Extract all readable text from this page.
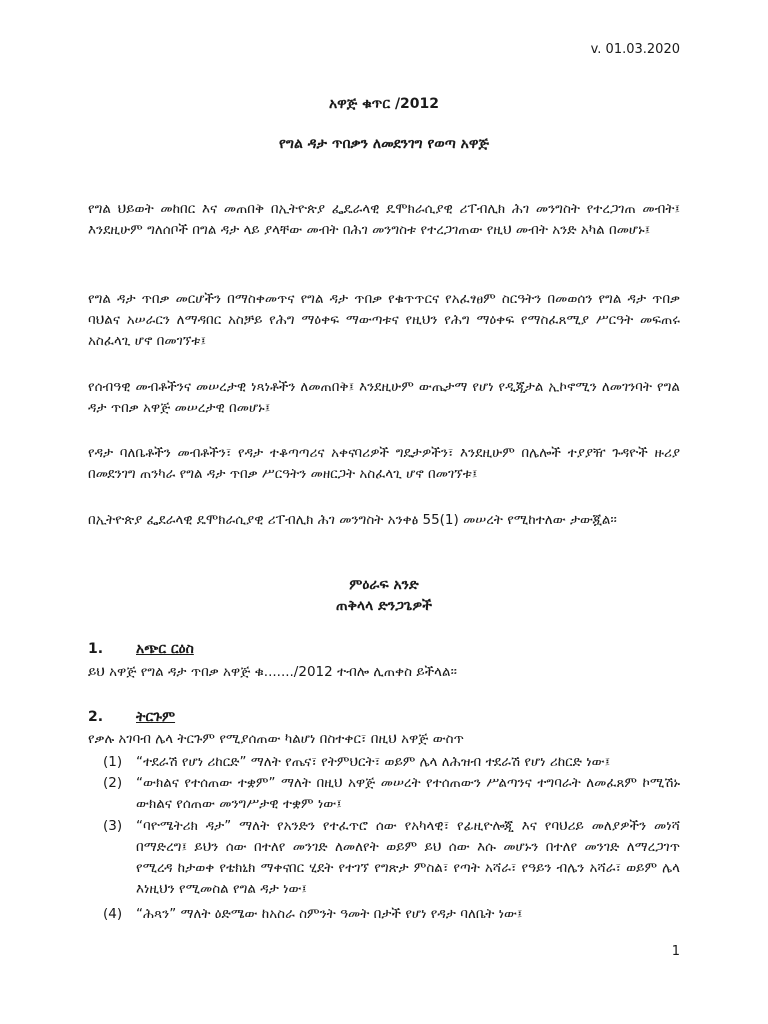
v. 01.03.2020
አዋጅ ቁጥር /2012
የግል ዳታ ጥበቃን ለመደንገግ የወጣ አዋጅ

የግል ህይወት መከበር እና መጠበቅ በኢትዮጵያ ፌዴራላዊ ዴሞክራሲያዊ ሪፐብሊክ ሕገ መንግስት የተረጋገጠ መብት፤ እንደዚሁም ግለሰቦች በግል ዳታ ላይ ያላቸው መብት በሕገ መንግስቱ የተረጋገጠው የዚህ መብት አንድ አካል በመሆኑ፤

የግል ዳታ ጥበቃ መርሆችን በማስቀመጥና የግል ዳታ ጥበቃ የቁጥጥርና የአፈፃፀም ስርዓትን በመወሰን የግል ዳታ ጥበቃ ባህልና አሠራርን ለማዳበር አስቻይ የሕግ ማዕቀፍ ማውጣቱና የዚህን የሕግ ማዕቀፍ የማስፈጸሚያ ሥርዓት መፍጠሩ አስፈላጊ ሆኖ በመገኘቱ፤

የሰብዓዊ መብቶችንና መሠረታዊ ነጻነቶችን ለመጠበቅ፤ እንደዚሁም ውጤታማ የሆነ የዲጂታል ኢኮኖሚን ለመገንባት የግል ዳታ ጥበቃ አዋጅ መሠረታዊ በመሆኑ፤

የዳታ ባለቤቶችን መብቶችን፣ የዳታ ተቆጣጣሪና አቀናባሪዎች ግዴታዎችን፣ እንደዚሁም በሌሎች ተያያዥ ጉዳዮች ዙሪያ በመደንገግ ጠንካራ የግል ዳታ ጥበቃ ሥርዓትን መዘርጋት አስፈላጊ ሆኖ በመገኘቱ፤

በኢትዮጵያ ፌደራላዊ ዴሞክራሲያዊ ሪፐብሊክ ሕገ መንግስት አንቀፅ 55(1) መሠረት የሚከተለው ታውጇል፡፡

ምዕራፍ አንድ
ጠቅላላ ድንጋጌዎች
1. አጭር ርዕስ
ይህ አዋጅ የግል ዳታ ጥበቃ አዋጅ ቁ......./2012 ተብሎ ሊጠቀስ ይችላል፡፡
2. ትርጉም
የቃሉ አገባብ ሌላ ትርጉም የሚያሰጠው ካልሆነ በስተቀር፣ በዚህ አዋጅ ውስጥ
(1) “ተደራሽ የሆነ ሪከርድ” ማለት የጤና፣ የትምህርት፣ ወይም ሌላ ለሕዝብ ተደራሽ የሆነ ሪከርድ ነው፤
(2) “ውክልና የተሰጠው ተቋም” ማለት በዚህ አዋጅ መሠረት የተሰጠውን ሥልጣንና ተግባራት ለመፈጸም ኮሚሽኑ ውክልና የሰጠው መንግሥታዊ ተቋም ነው፤
(3) “ባዮሜትሪክ ዳታ” ማለት የአንድን የተፈጥሮ ሰው የአካላዊ፣ የፊዚዮሎጂ እና የባህሪይ መለያዎችን መነሻ በማድረግ፤ ይህን ሰው በተለየ መንገድ ለመለየት ወይም ይህ ሰው እሱ መሆኑን በተለየ መንገድ ለማረጋገጥ የሚረዳ ከታወቀ የቴክኒክ ማቀናበር ሂደት የተገኘ የግጽታ ምስል፣ የጣት አሻራ፣ የዓይን ብሌን አሻራ፣ ወይም ሌላ እነዚህን የሚመስል የግል ዳታ ነው፤
(4) “ሕጻን” ማለት ዕድሜው ከአስራ ስምንት ዓመት በታች የሆነ የዳታ ባለቤት ነው፤
1
